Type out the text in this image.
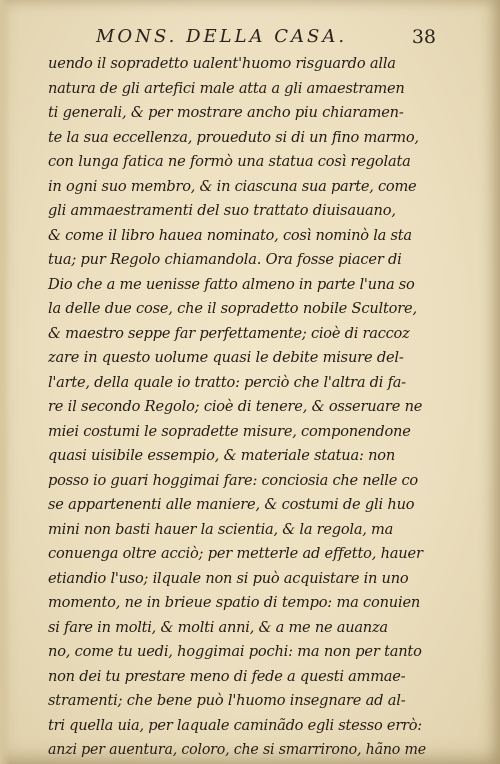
MONS. DELLA CASA.	38
uendo il sopradetto ualent'huomo risguardo alla
natura de gli artefici male atta a gli amaestramen
ti generali, & per mostrare ancho piu chiaramen-
te la sua eccellenza, proueduto si di un fino marmo,
con lunga fatica ne formò una statua così regolata
in ogni suo membro, & in ciascuna sua parte, come
gli ammaestramenti del suo trattato diuisauano,
& come il libro hauea nominato, così nominò la sta
tua; pur Regolo chiamandola. Ora fosse piacer di
Dio che a me uenisse fatto almeno in parte l'una so
la delle due cose, che il sopradetto nobile Scultore,
& maestro seppe far perfettamente; cioè di raccoz
zare in questo uolume quasi le debite misure del-
l'arte, della quale io tratto: perciò che l'altra di fa-
re il secondo Regolo; cioè di tenere, & osseruare ne
miei costumi le sopradette misure, componendone
quasi uisibile essempio, & materiale statua: non
posso io guari hoggimai fare: conciosia che nelle co
se appartenenti alle maniere, & costumi de gli huo
mini non basti hauer la scientia, & la regola, ma
conuenga oltre acciò; per metterle ad effetto, hauer
etiandio l'uso; ilquale non si può acquistare in uno
momento, ne in brieue spatio di tempo: ma conuien
si fare in molti, & molti anni, & a me ne auanza
no, come tu uedi, hoggimai pochi: ma non per tanto
non dei tu prestare meno di fede a questi ammae-
stramenti; che bene può l'huomo insegnare ad al-
tri quella uia, per laquale caminãdo egli stesso errò:
anzi per auentura, coloro, che si smarrirono, hãno me
